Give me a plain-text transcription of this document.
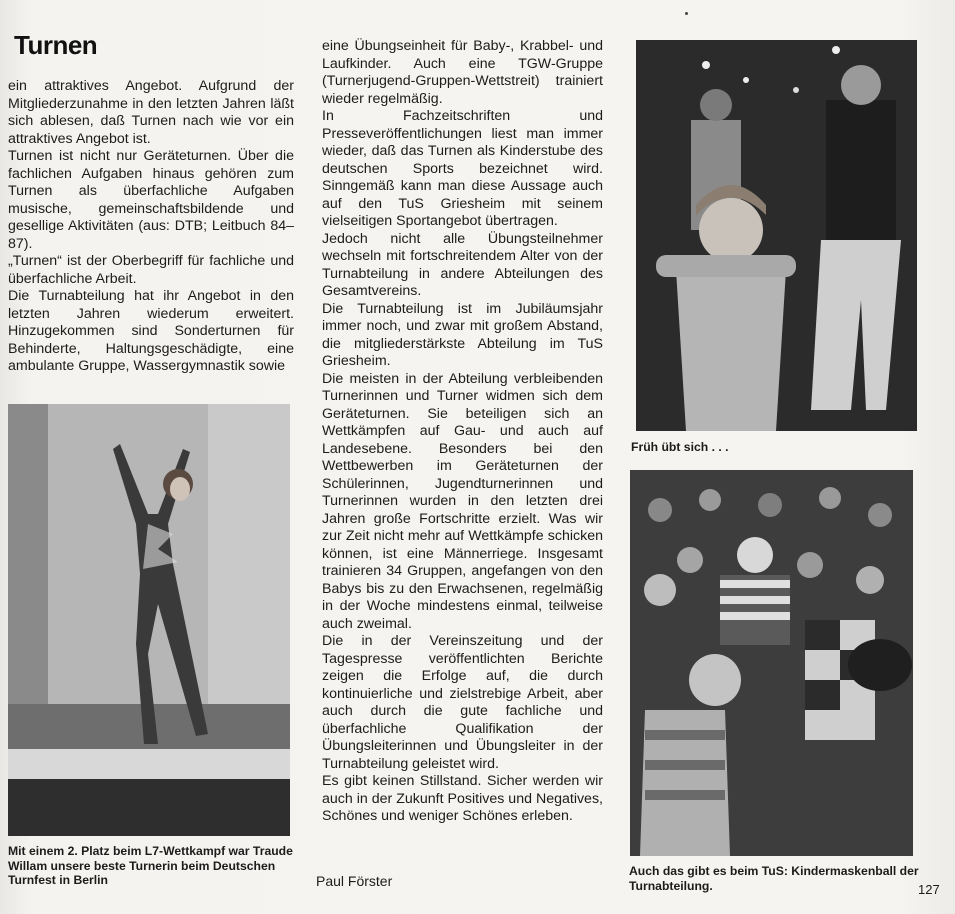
Turnen

ein attraktives Angebot. Aufgrund der Mitgliederzunahme in den letzten Jahren läßt sich ablesen, daß Turnen nach wie vor ein attraktives Angebot ist.

Turnen ist nicht nur Geräteturnen. Über die fachlichen Aufgaben hinaus gehören zum Turnen als überfachliche Aufgaben musische, gemeinschaftsbildende und gesellige Aktivitäten (aus: DTB; Leitbuch 84–87).

„Turnen“ ist der Oberbegriff für fachliche und überfachliche Arbeit.

Die Turnabteilung hat ihr Angebot in den letzten Jahren wiederum erweitert. Hinzugekommen sind Sonderturnen für Behinderte, Haltungsgeschädigte, eine ambulante Gruppe, Wassergymnastik sowie

Mit einem 2. Platz beim L7-Wettkampf war Traude Willam unsere beste Turnerin beim Deutschen Turnfest in Berlin

eine Übungseinheit für Baby-, Krabbel- und Laufkinder. Auch eine TGW-Gruppe (Turnerjugend-Gruppen-Wettstreit) trainiert wieder regelmäßig.

In Fachzeitschriften und Presseveröffentlichungen liest man immer wieder, daß das Turnen als Kinderstube des deutschen Sports bezeichnet wird. Sinngemäß kann man diese Aussage auch auf den TuS Griesheim mit seinem vielseitigen Sportangebot übertragen.

Jedoch nicht alle Übungsteilnehmer wechseln mit fortschreitendem Alter von der Turnabteilung in andere Abteilungen des Gesamtvereins.

Die Turnabteilung ist im Jubiläumsjahr immer noch, und zwar mit großem Abstand, die mitgliederstärkste Abteilung im TuS Griesheim.

Die meisten in der Abteilung verbleibenden Turnerinnen und Turner widmen sich dem Geräteturnen. Sie beteiligen sich an Wettkämpfen auf Gau- und auch auf Landesebene. Besonders bei den Wettbewerben im Geräteturnen der Schülerinnen, Jugendturnerinnen und Turnerinnen wurden in den letzten drei Jahren große Fortschritte erzielt. Was wir zur Zeit nicht mehr auf Wettkämpfe schicken können, ist eine Männerriege. Insgesamt trainieren 34 Gruppen, angefangen von den Babys bis zu den Erwachsenen, regelmäßig in der Woche mindestens einmal, teilweise auch zweimal.

Die in der Vereinszeitung und der Tagespresse veröffentlichten Berichte zeigen die Erfolge auf, die durch kontinuierliche und zielstrebige Arbeit, aber auch durch die gute fachliche und überfachliche Qualifikation der Übungsleiterinnen und Übungsleiter in der Turnabteilung geleistet wird.

Es gibt keinen Stillstand. Sicher werden wir auch in der Zukunft Positives und Negatives, Schönes und weniger Schönes erleben.

Paul Förster

Früh übt sich . . .

Auch das gibt es beim TuS: Kindermaskenball der Turnabteilung.	127
